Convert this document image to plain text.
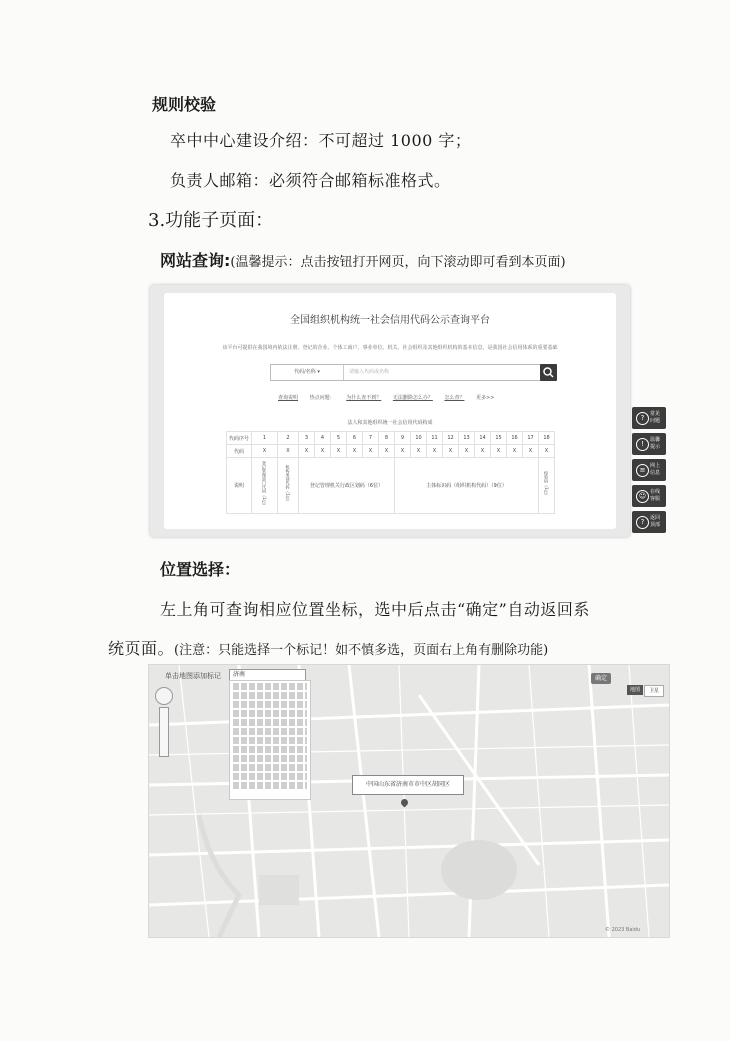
规则校验
卒中中心建设介绍：不可超过 1000 字；
负责人邮箱：必须符合邮箱标准格式。
3.功能子页面：
网站查询:(温馨提示：点击按钮打开网页，向下滚动即可看到本页面)
全国组织机构统一社会信用代码公示查询平台
该平台可提供在我国境内依法注册、登记的企业、个体工商户、事业单位、机关、社会组织及其他组织机构的基本信息，是我国社会信用体系的重要基础
代码/名称 ▾	请输入代码或名称
查询说明 热点问题： 为什么查不到？ 无法删除怎么办？ 怎么查？ 更多>>
法人和其他组织统一社会信用代码构成
代码序号	1	2	3	4	5	6	7	8	9	10	11	12	13	14	15	16	17	18
代码	X	X	X	X	X	X	X	X	X	X	X	X	X	X	X	X	X	X
说明	登记管理部门代码（1位）	机构类别代码（1位）	登记管理机关行政区划码（6位）						主体标识码（组织机构代码）（9位）									校验码（1位）
?	常见问题
!	温馨提示
≡ 网上信息
☺ 在线客服
?	返回顶部
位置选择：
左上角可查询相应位置坐标，选中后点击“确定”自动返回系
统页面。(注意：只能选择一个标记！如不慎多选，页面右上角有删除功能)
单击地图添加标记	济南
确定
地图	卫星
中国山东省济南市市中区胡同区
© 2023 Baidu
